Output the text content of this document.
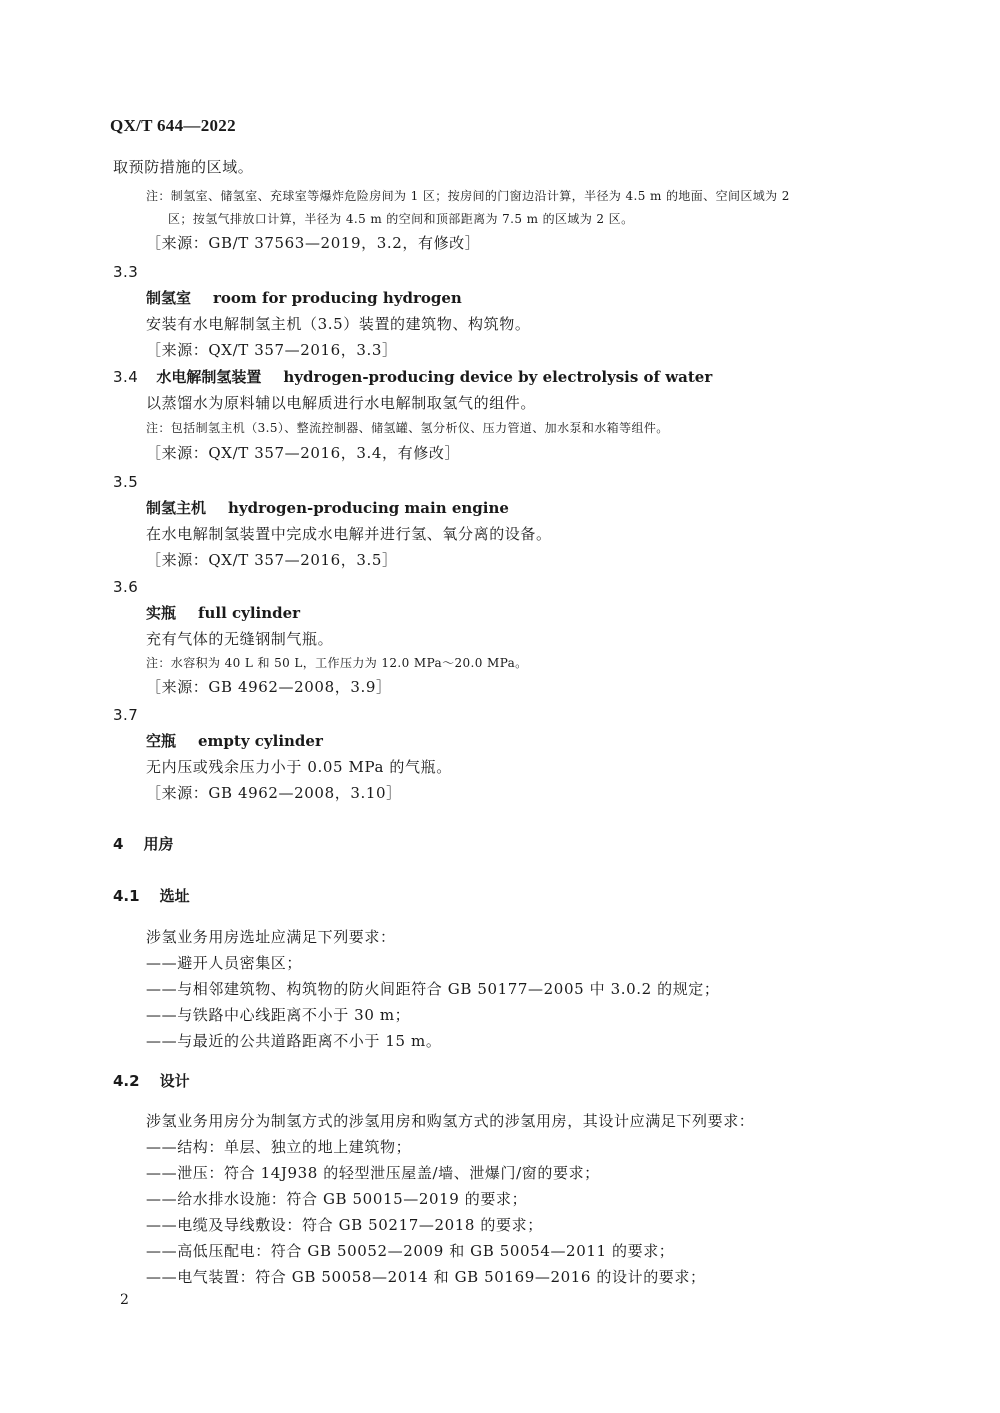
QX/T 644—2022
取预防措施的区域。
注：制氢室、储氢室、充球室等爆炸危险房间为 1 区；按房间的门窗边沿计算，半径为 4.5 m 的地面、空间区域为 2
区；按氢气排放口计算，半径为 4.5 m 的空间和顶部距离为 7.5 m 的区域为 2 区。
［来源：GB/T 37563—2019，3.2，有修改］
3.3
制氢室 room for producing hydrogen
安装有水电解制氢主机（3.5）装置的建筑物、构筑物。
［来源：QX/T 357—2016，3.3］
3.4 水电解制氢装置 hydrogen-producing device by electrolysis of water
以蒸馏水为原料辅以电解质进行水电解制取氢气的组件。
注：包括制氢主机（3.5）、整流控制器、储氢罐、氢分析仪、压力管道、加水泵和水箱等组件。
［来源：QX/T 357—2016，3.4，有修改］
3.5
制氢主机 hydrogen-producing main engine
在水电解制氢装置中完成水电解并进行氢、氧分离的设备。
［来源：QX/T 357—2016，3.5］
3.6
实瓶 full cylinder
充有气体的无缝钢制气瓶。
注：水容积为 40 L 和 50 L，工作压力为 12.0 MPa～20.0 MPa。
［来源：GB 4962—2008，3.9］
3.7
空瓶 empty cylinder
无内压或残余压力小于 0.05 MPa 的气瓶。
［来源：GB 4962—2008，3.10］
4 用房
4.1 选址
涉氢业务用房选址应满足下列要求：
——避开人员密集区；
——与相邻建筑物、构筑物的防火间距符合 GB 50177—2005 中 3.0.2 的规定；
——与铁路中心线距离不小于 30 m；
——与最近的公共道路距离不小于 15 m。
4.2 设计
涉氢业务用房分为制氢方式的涉氢用房和购氢方式的涉氢用房，其设计应满足下列要求：
——结构：单层、独立的地上建筑物；
——泄压：符合 14J938 的轻型泄压屋盖/墙、泄爆门/窗的要求；
——给水排水设施：符合 GB 50015—2019 的要求；
——电缆及导线敷设：符合 GB 50217—2018 的要求；
——高低压配电：符合 GB 50052—2009 和 GB 50054—2011 的要求；
——电气装置：符合 GB 50058—2014 和 GB 50169—2016 的设计的要求；
2
